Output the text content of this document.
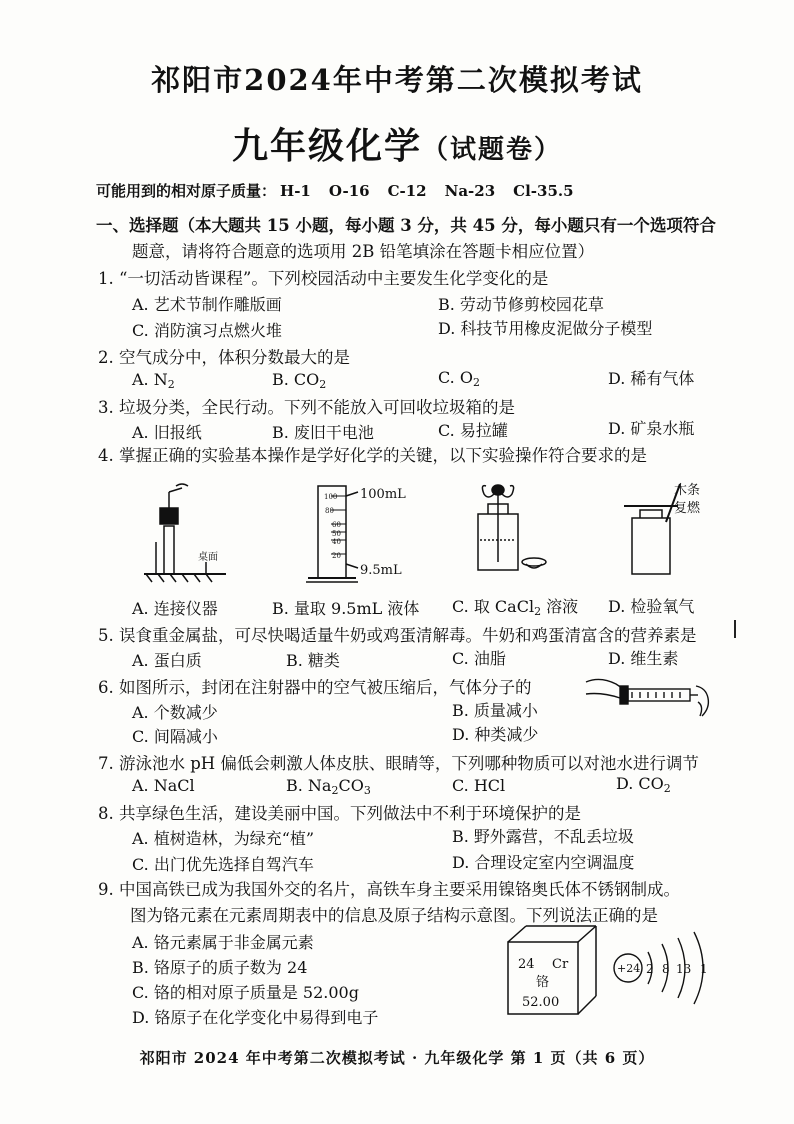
祁阳市2024年中考第二次模拟考试
九年级化学（试题卷）
可能用到的相对原子质量： H-1 O-16 C-12 Na-23 Cl-35.5
一、选择题（本大题共 15 小题，每小题 3 分，共 45 分，每小题只有一个选项符合
题意，请将符合题意的选项用 2B 铅笔填涂在答题卡相应位置）
1. “一切活动皆课程”。下列校园活动中主要发生化学变化的是
A. 艺术节制作雕版画	B. 劳动节修剪校园花草
C. 消防演习点燃火堆	D. 科技节用橡皮泥做分子模型
2. 空气成分中，体积分数最大的是
A. $N_2$	B. $CO_2$	C. $O_2$	D. 稀有气体
3. 垃圾分类，全民行动。下列不能放入可回收垃圾箱的是
A. 旧报纸	B. 废旧干电池	C. 易拉罐	D. 矿泉水瓶
4. 掌握正确的实验基本操作是学好化学的关键，以下实验操作符合要求的是
桌面
100
80
60
50
40
20
100mL
9.5mL
木条
复燃
A. 连接仪器	B. 量取 9.5mL 液体 C. 取 CaCl$_2$ 溶液 D. 检验氧气
5. 误食重金属盐，可尽快喝适量牛奶或鸡蛋清解毒。牛奶和鸡蛋清富含的营养素是
A. 蛋白质	B. 糖类	C. 油脂	D. 维生素
6. 如图所示，封闭在注射器中的空气被压缩后，气体分子的
A. 个数减少	B. 质量减小
C. 间隔减小	D. 种类减少
7. 游泳池水 pH 偏低会刺激人体皮肤、眼睛等，下列哪种物质可以对池水进行调节
A. NaCl	B. $Na_2CO_3$	C. HCl	D. $CO_2$
8. 共享绿色生活，建设美丽中国。下列做法中不利于环境保护的是
A. 植树造林，为绿充“植”	B. 野外露营，不乱丢垃圾
C. 出门优先选择自驾汽车	D. 合理设定室内空调温度
9. 中国高铁已成为我国外交的名片，高铁车身主要采用镍铬奥氏体不锈钢制成。
图为铬元素在元素周期表中的信息及原子结构示意图。下列说法正确的是
A. 铬元素属于非金属元素
B. 铬原子的质子数为 24
C. 铬的相对原子质量是 52.00g
D. 铬原子在化学变化中易得到电子
24 Cr
铬
52.00
+24 2 8 13 1
祁阳市 2024 年中考第二次模拟考试 · 九年级化学 第 1 页（共 6 页）
